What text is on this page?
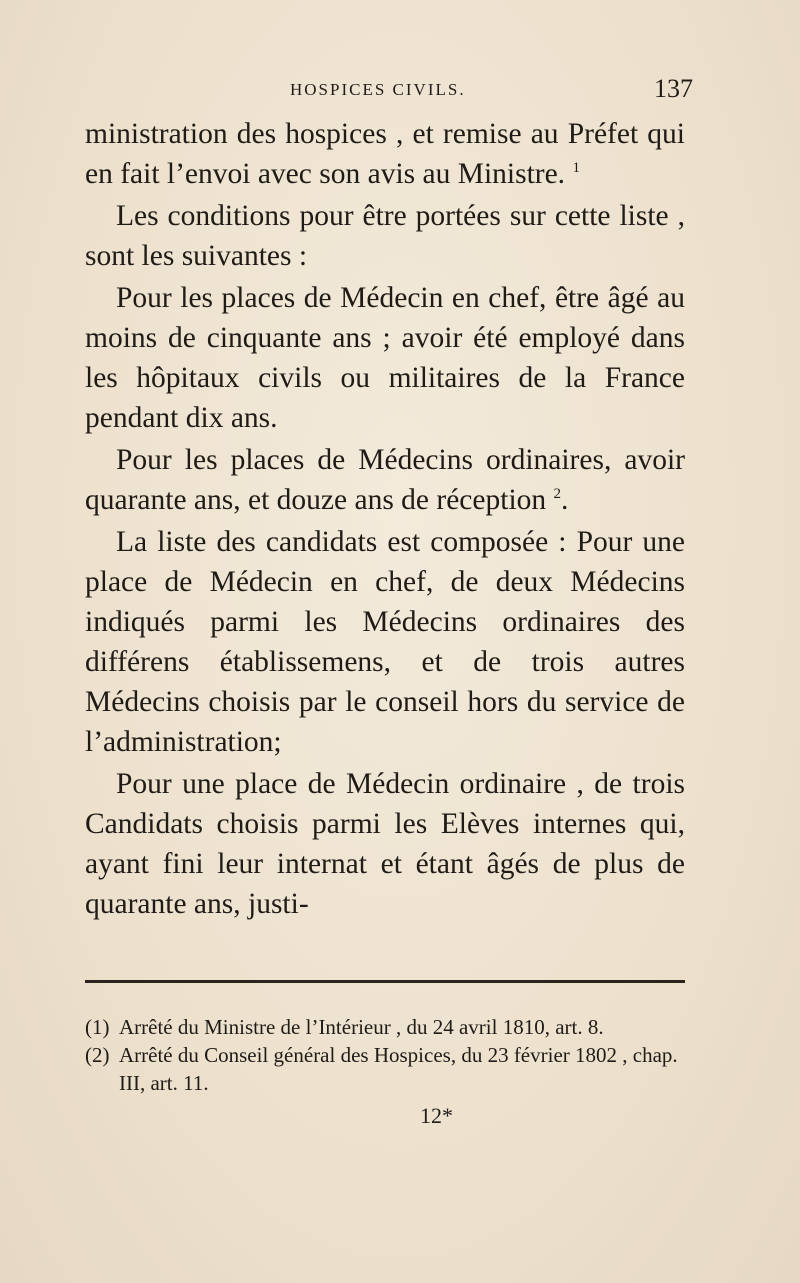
HOSPICES CIVILS.	137

ministration des hospices , et remise au Préfet qui en fait l’envoi avec son avis au Ministre. $^1$

Les conditions pour être portées sur cette liste , sont les suivantes :

Pour les places de Médecin en chef, être âgé au moins de cinquante ans ; avoir été employé dans les hôpitaux civils ou militaires de la France pendant dix ans.

Pour les places de Médecins ordinaires, avoir quarante ans, et douze ans de réception $^2$.

La liste des candidats est composée : Pour une place de Médecin en chef, de deux Médecins indiqués parmi les Médecins ordinaires des différens établissemens, et de trois autres Médecins choisis par le conseil hors du service de l’administration;

Pour une place de Médecin ordinaire , de trois Candidats choisis parmi les Elèves internes qui, ayant fini leur internat et étant âgés de plus de quarante ans, justi-

(1) Arrêté du Ministre de l’Intérieur , du 24 avril 1810, art. 8.
(2) Arrêté du Conseil général des Hospices, du 23 février 1802 , chap. III, art. 11.
12*
